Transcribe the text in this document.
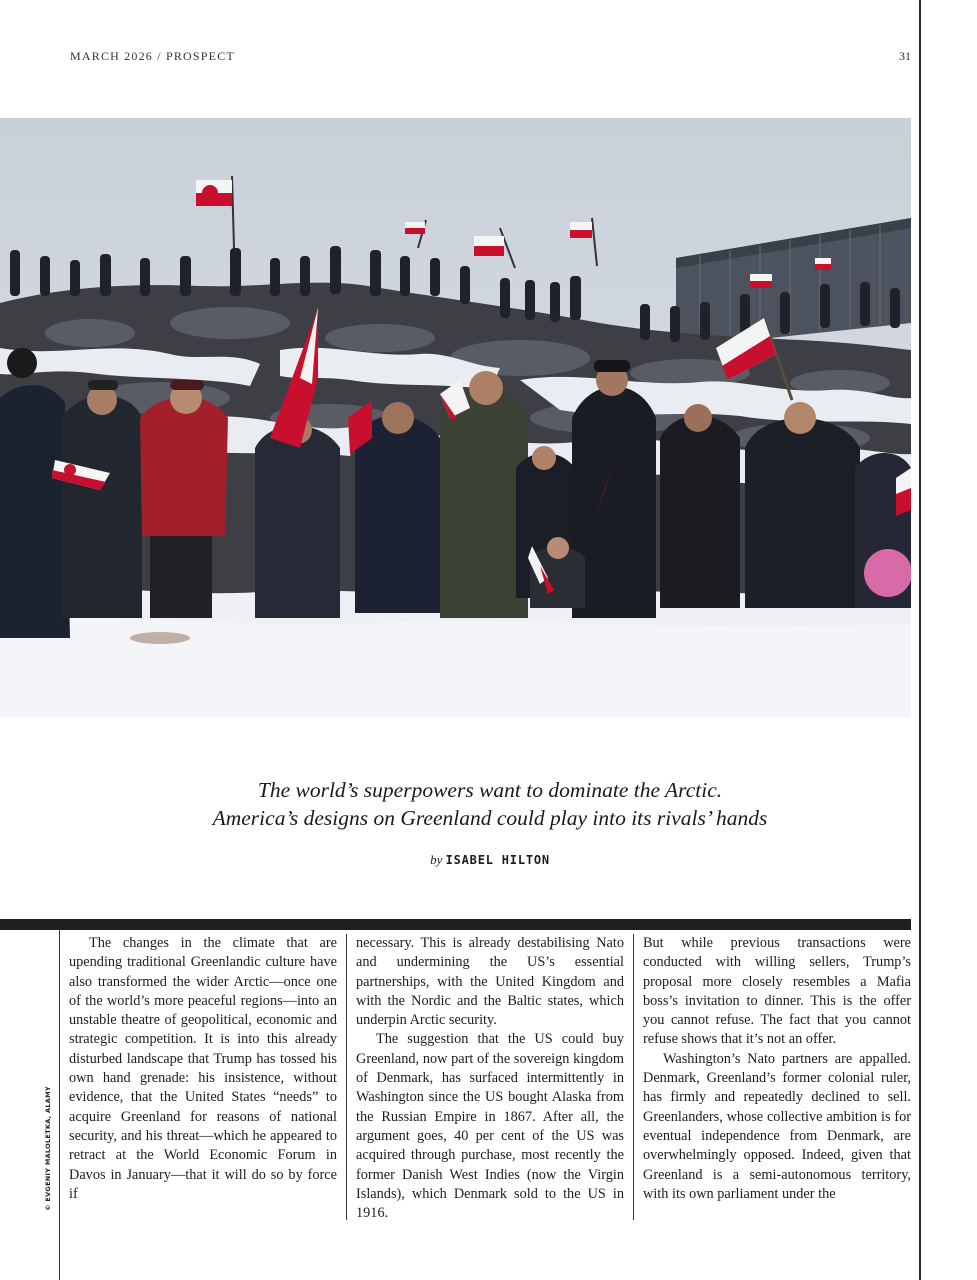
MARCH 2026 / PROSPECT	31
The world’s superpowers want to dominate the Arctic.
America’s designs on Greenland could play into its rivals’ hands
by ISABEL HILTON
© EVGENIY MALOLETKA, ALAMY

The changes in the climate that are upending traditional Greenlandic culture have also transformed the wider Arctic—once one of the world’s more peaceful regions—into an unstable theatre of geopolitical, economic and strategic competition. It is into this already disturbed landscape that Trump has tossed his own hand grenade: his insistence, without evidence, that the United States “needs” to acquire Greenland for reasons of national security, and his threat—which he appeared to retract at the World Economic Forum in Davos in January—that it will do so by force if

necessary. This is already destabilising Nato and undermining the US’s essential partnerships, with the United Kingdom and with the Nordic and the Baltic states, which underpin Arctic security.

The suggestion that the US could buy Greenland, now part of the sovereign kingdom of Denmark, has surfaced intermittently in Washington since the US bought Alaska from the Russian Empire in 1867. After all, the argument goes, 40 per cent of the US was acquired through purchase, most recently the former Danish West Indies (now the Virgin Islands), which Denmark sold to the US in 1916.

But while previous transactions were conducted with willing sellers, Trump’s proposal more closely resembles a Mafia boss’s invitation to dinner. This is the offer you cannot refuse. The fact that you cannot refuse shows that it’s not an offer.

Washington’s Nato partners are appalled. Denmark, Greenland’s former colonial ruler, has firmly and repeatedly declined to sell. Greenlanders, whose collective ambition is for eventual independence from Denmark, are overwhelmingly opposed. Indeed, given that Greenland is a semi-autonomous territory, with its own parliament under the
